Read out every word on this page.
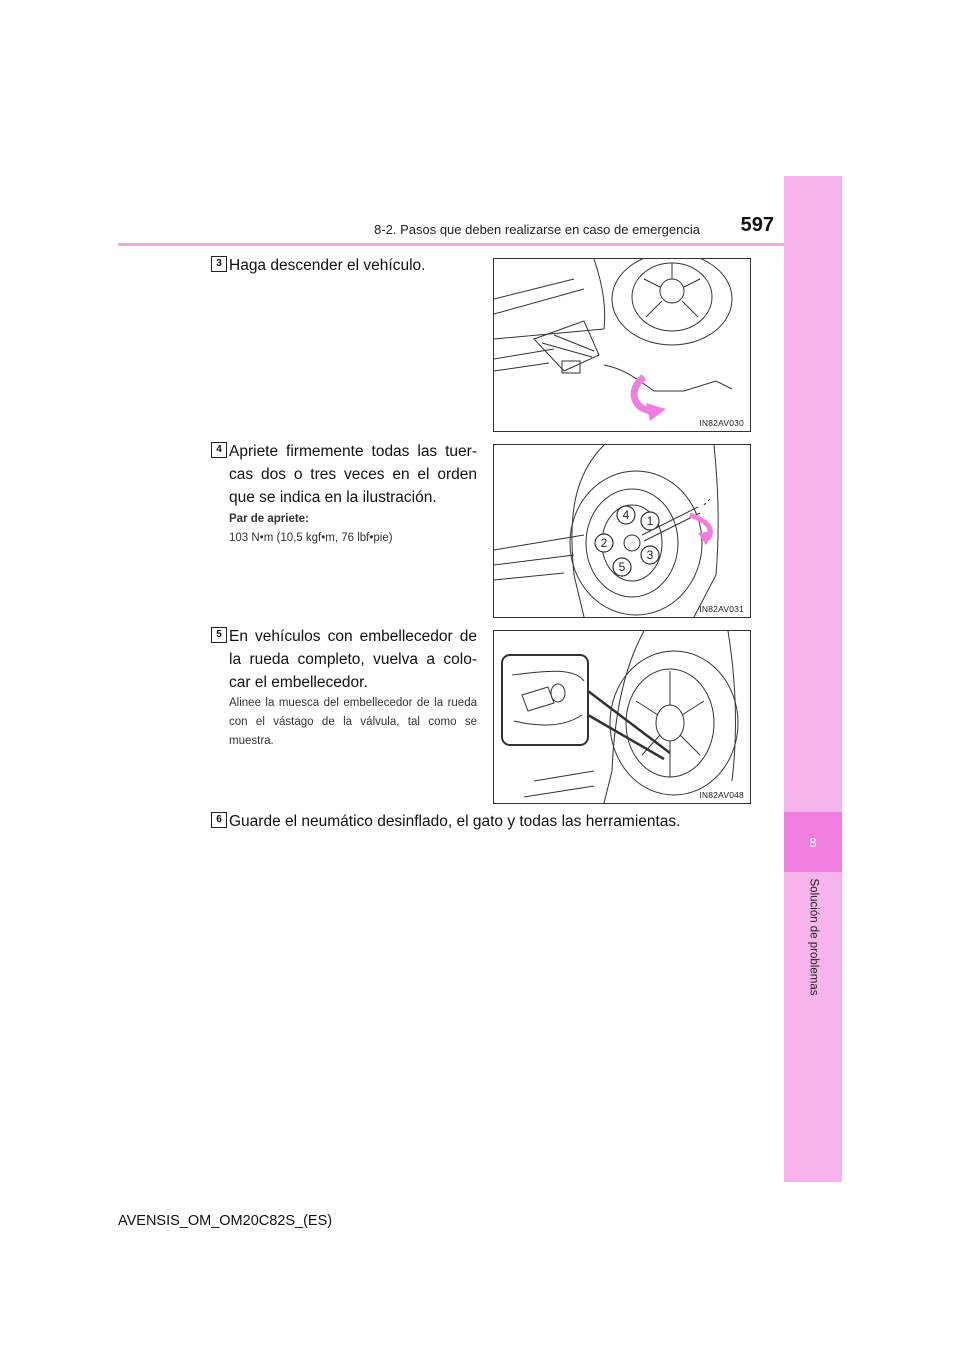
8-2. Pasos que deben realizarse en caso de emergencia	597
8
Solución de problemas
3 Haga descender el vehículo.
IN82AV030
4 Apriete firmemente todas las tuer-cas dos o tres veces en el orden que se indica en la ilustración.
Par de apriete:
103 N•m (10,5 kgf•m, 76 lbf•pie)
1
2
3
4
5
IN82AV031
5 En vehículos con embellecedor de la rueda completo, vuelva a colo-car el embellecedor.
Alinee la muesca del embellecedor de la rueda con el vástago de la válvula, tal como se muestra.
IN82AV048
6 Guarde el neumático desinflado, el gato y todas las herramientas.
AVENSIS_OM_OM20C82S_(ES)
